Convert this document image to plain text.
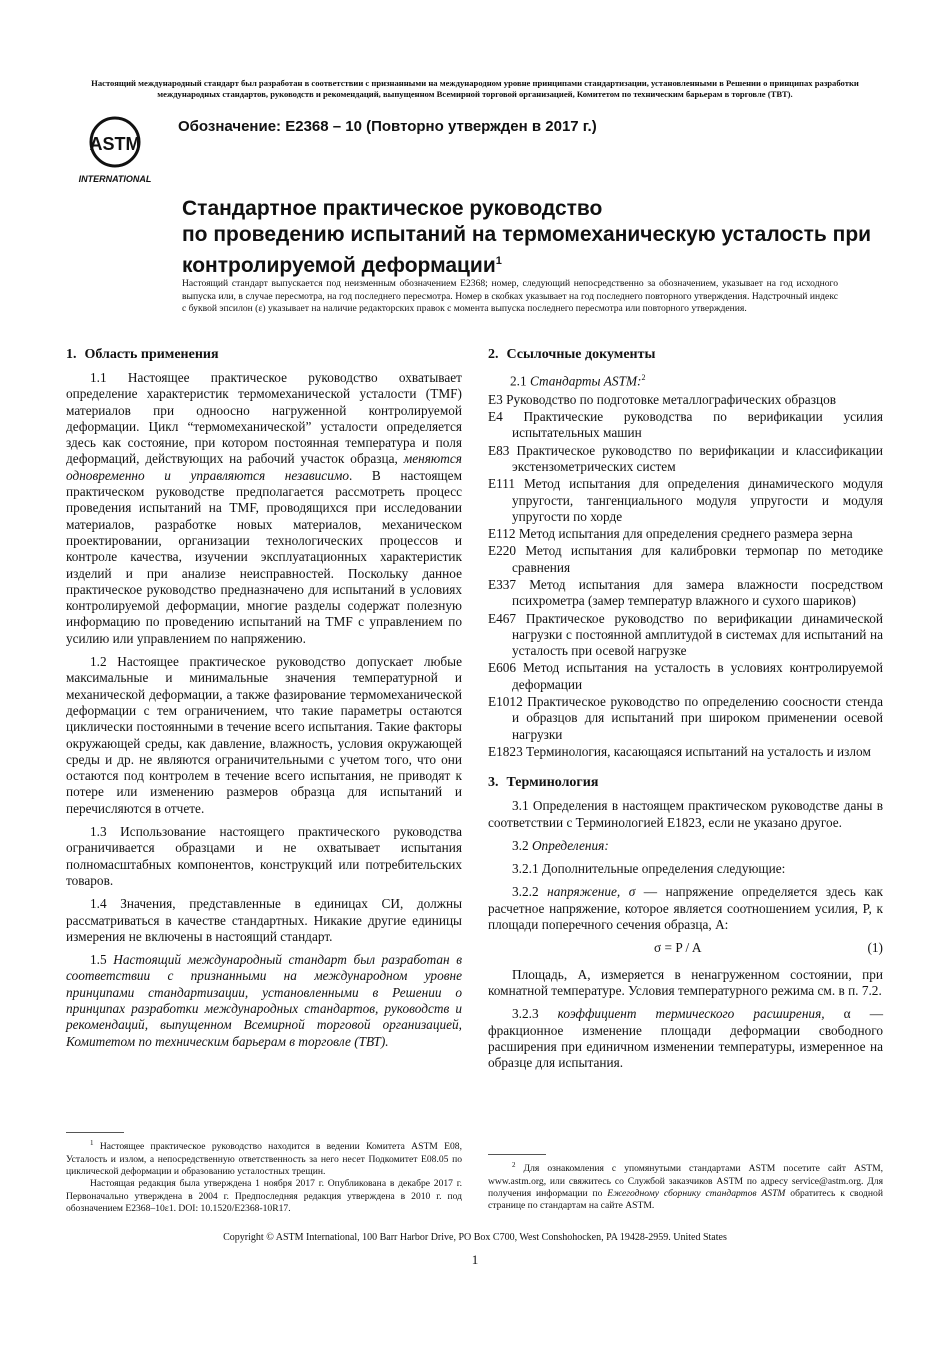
Настоящий международный стандарт был разработан в соответствии с признанными на международном уровне принципами стандартизации, установленными в Решении о принципах разработки международных стандартов, руководств и рекомендаций, выпущенном Всемирной торговой организацией, Комитетом по техническим барьерам в торговле (ТВТ).
ASTM
INTERNATIONAL
Обозначение: E2368 – 10 (Повторно утвержден в 2017 г.)
Стандартное практическое руководство
по проведению испытаний на термомеханическую усталость при
контролируемой деформации$^1$
Настоящий стандарт выпускается под неизменным обозначением E2368; номер, следующий непосредственно за обозначением, указывает на год исходного выпуска или, в случае пересмотра, на год последнего пересмотра. Номер в скобках указывает на год последнего повторного утверждения. Надстрочный индекс с буквой эпсилон (ε) указывает на наличие редакторских правок с момента выпуска последнего пересмотра или повторного утверждения.
1. Область применения

1.1 Настоящее практическое руководство охватывает определение характеристик термомеханической усталости (TMF) материалов при одноосно нагруженной контролируемой деформации. Цикл “термомеханической” усталости определяется здесь как состояние, при котором постоянная температура и поля деформаций, действующих на рабочий участок образца, меняются одновременно и управляются независимо. В настоящем практическом руководстве предполагается рассмотреть процесс проведения испытаний на TMF, проводящихся при исследовании материалов, разработке новых материалов, механическом проектировании, организации технологических процессов и контроле качества, изучении эксплуатационных характеристик изделий и при анализе неисправностей. Поскольку данное практическое руководство предназначено для испытаний в условиях контролируемой деформации, многие разделы содержат полезную информацию по проведению испытаний на TMF с управлением по усилию или управлением по напряжению.

1.2 Настоящее практическое руководство допускает любые максимальные и минимальные значения температурной и механической деформации, а также фазирование термомеханической деформации с тем ограничением, что такие параметры остаются циклически постоянными в течение всего испытания. Такие факторы окружающей среды, как давление, влажность, условия окружающей среды и др. не являются ограничительными с учетом того, что они остаются под контролем в течение всего испытания, не приводят к потере или изменению размеров образца для испытаний и перечисляются в отчете.

1.3 Использование настоящего практического руководства ограничивается образцами и не охватывает испытания полномасштабных компонентов, конструкций или потребительских товаров.

1.4 Значения, представленные в единицах СИ, должны рассматриваться в качестве стандартных. Никакие другие единицы измерения не включены в настоящий стандарт.

1.5 Настоящий международный стандарт был разработан в соответствии с признанными на международном уровне принципами стандартизации, установленными в Решении о принципах разработки международных стандартов, руководств и рекомендаций, выпущенном Всемирной торговой организацией, Комитетом по техническим барьерам в торговле (ТВТ).

$^1$ Настоящее практическое руководство находится в ведении Комитета ASTM E08, Усталость и излом, а непосредственную ответственность за него несет Подкомитет E08.05 по циклической деформации и образованию усталостных трещин.

Настоящая редакция была утверждена 1 ноября 2017 г. Опубликована в декабре 2017 г. Первоначально утверждена в 2004 г. Предпоследняя редакция утверждена в 2010 г. под обозначением E2368–10ε1. DOI: 10.1520/E2368-10R17.

2. Ссылочные документы

2.1 Стандарты ASTM:$^2$

E3 Руководство по подготовке металлографических образцов

E4 Практические руководства по верификации усилия испытательных машин

E83 Практическое руководство по верификации и классификации экстензометрических систем

E111 Метод испытания для определения динамического модуля упругости, тангенциального модуля упругости и модуля упругости по хорде

E112 Метод испытания для определения среднего размера зерна

E220 Метод испытания для калибровки термопар по методике сравнения

E337 Метод испытания для замера влажности посредством психрометра (замер температур влажного и сухого шариков)

E467 Практическое руководство по верификации динамической нагрузки с постоянной амплитудой в системах для испытаний на усталость при осевой нагрузке

E606 Метод испытания на усталость в условиях контролируемой деформации

E1012 Практическое руководство по определению соосности стенда и образцов для испытаний при широком применении осевой нагрузки

E1823 Терминология, касающаяся испытаний на усталость и излом

3. Терминология

3.1 Определения в настоящем практическом руководстве даны в соответствии с Терминологией E1823, если не указано другое.

3.2 Определения:

3.2.1 Дополнительные определения следующие:

3.2.2 напряжение, σ — напряжение определяется здесь как расчетное напряжение, которое является соотношением усилия, P, к площади поперечного сечения образца, A:

σ = P / A	(1)

Площадь, A, измеряется в ненагруженном состоянии, при комнатной температуре. Условия температурного режима см. в п. 7.2.

3.2.3 коэффициент термического расширения, α — фракционное изменение площади деформации свободного расширения при единичном изменении температуры, измеренное на образце для испытания.

$^2$ Для ознакомления с упомянутыми стандартами ASTM посетите сайт ASTM, www.astm.org, или свяжитесь со Службой заказчиков ASTM по адресу service@astm.org. Для получения информации по Ежегодному сборнику стандартов ASTM обратитесь к сводной странице по стандартам на сайте ASTM.

Copyright © ASTM International, 100 Barr Harbor Drive, PO Box C700, West Conshohocken, PA 19428-2959. United States
1
